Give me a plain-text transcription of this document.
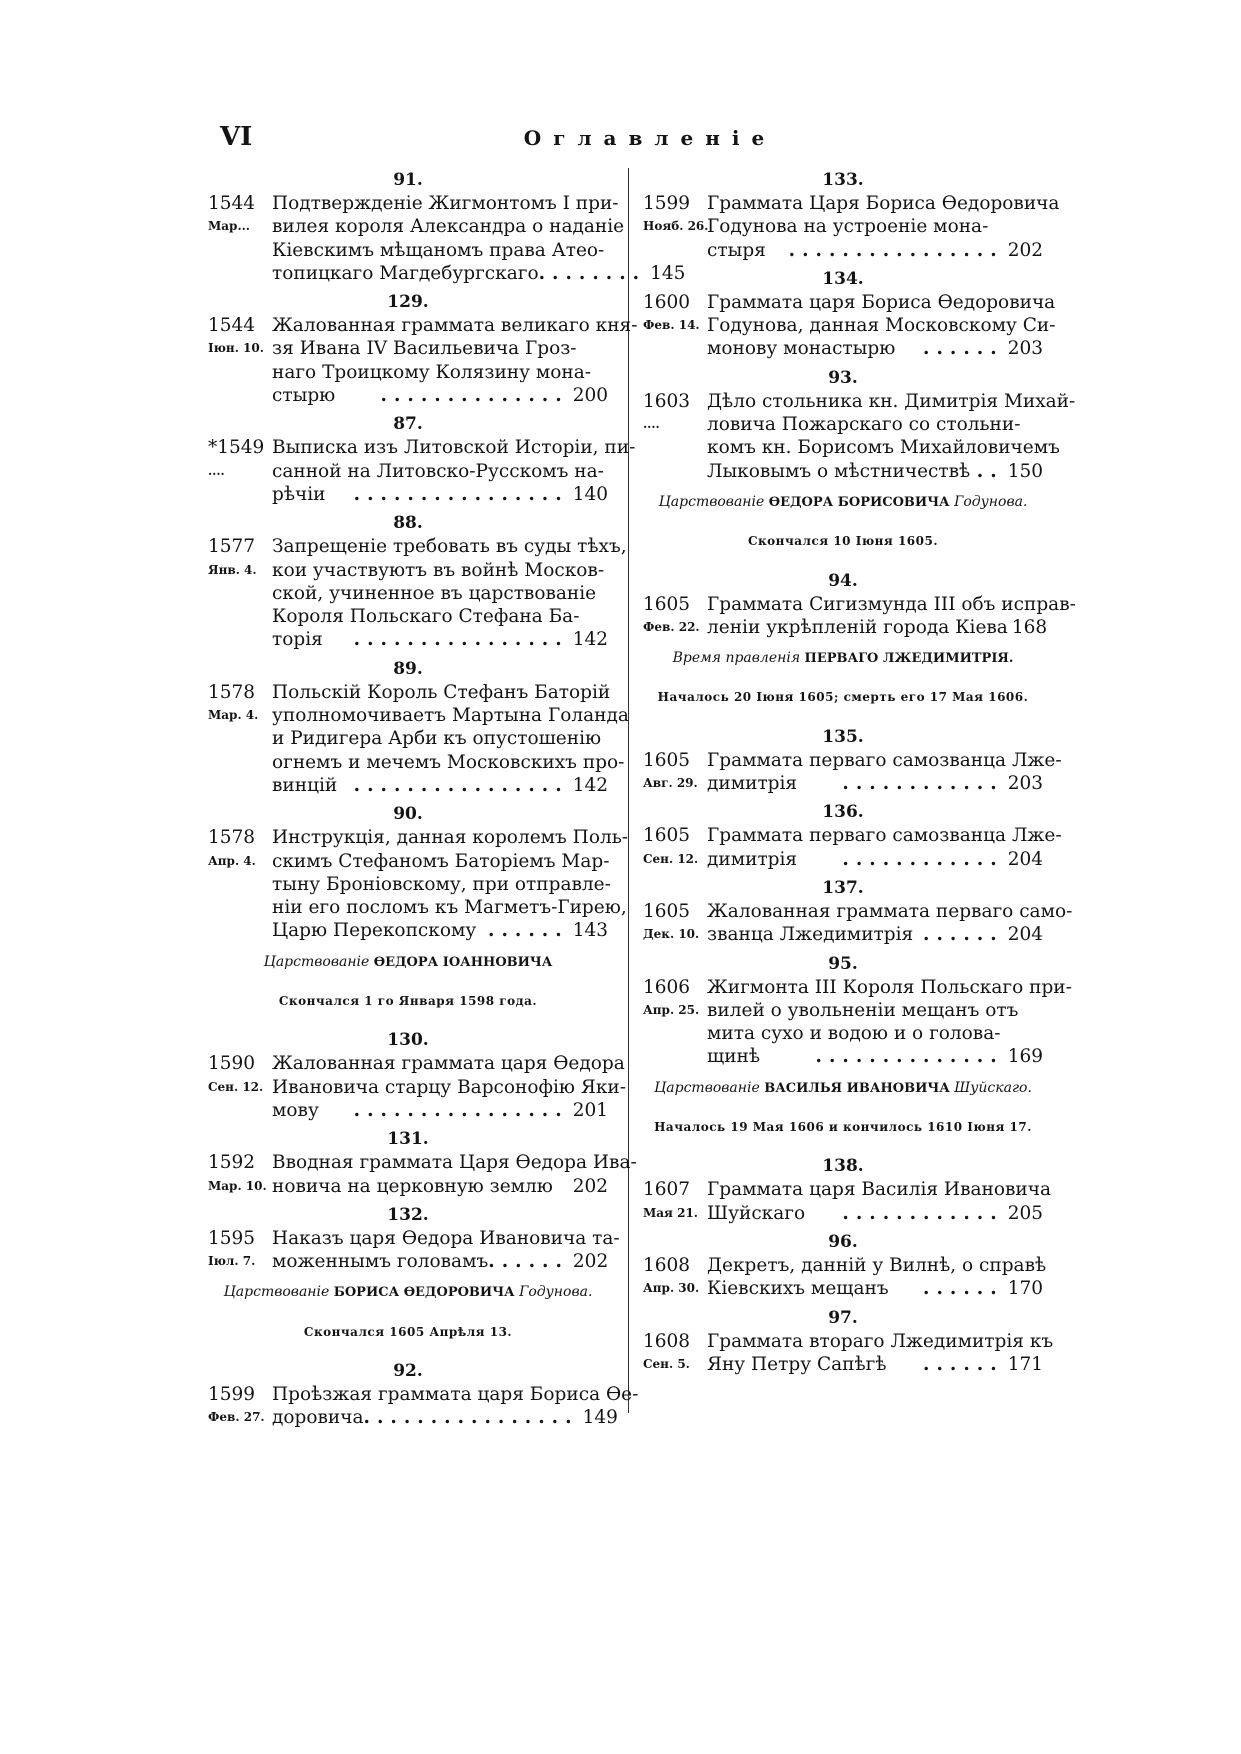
VI	Оглавленіе
91.
1544 Подтвержденіе Жигмонтомъ I при-
Мар...	вилея короля Александра о наданіе
Кіевскимъ мѣщаномъ права Атео-
топицкаго Магдебургскаго ........ 145
129.
1544 Жалованная граммата великаго кня-
Іюн. 10. зя Ивана IV Васильевича Гроз-
наго Троицкому Колязину мона-
стырю	.............. 200
87.
*1549 Выписка изъ Литовской Исторіи, пи-
....	санной на Литовско-Русскомъ на-
рѣчіи	................ 140
88.
1577 Запрещеніе требовать въ суды тѣхъ,
Янв. 4. кои участвуютъ въ войнѣ Москов-
ской, учиненное въ царствованіе
Короля Польскаго Стефана Ба-
торія	................ 142
89.
1578 Польскій Король Стефанъ Баторій
Мар. 4. уполномочиваетъ Мартына Голанда
и Ридигера Арби къ опустошенію
огнемъ и мечемъ Московскихъ про-
винцій ................ 142
90.
1578 Инструкція, данная королемъ Поль-
Апр. 4. скимъ Стефаномъ Баторіемъ Мар-
тыну Броніовскому, при отправле-
ніи его посломъ къ Магметъ-Гирею,
Царю Перекопскому ...... 143
Царствованіе ѲЕДОРА ІОАННОВИЧА
Скончался 1 го Января 1598 года.
130.
1590 Жалованная граммата царя Ѳедора
Сен. 12. Ивановича старцу Варсонофію Яки-
мову	................ 201
131.
1592 Вводная граммата Царя Ѳедора Ива-
Мар. 10. новича на церковную землю 202
132.
1595 Наказъ царя Ѳедора Ивановича та-
Іюл. 7. моженнымъ головамъ ...... 202
Царствованіе БОРИСА ѲЕДОРОВИЧА Годунова.
Скончался 1605 Апрѣля 13.
92.
1599 Проѣзжая граммата царя Бориса Ѳе-
Фев. 27. доровича ................ 149
133.
1599 Граммата Царя Бориса Ѳедоровича
Нояб. 26.
Годунова на устроеніе мона-
стыря	................ 202
134.
1600 Граммата царя Бориса Ѳедоровича
Фев. 14. Годунова, данная Московскому Си-
монову монастырю	...... 203
93.
1603 Дѣло стольника кн. Димитрія Михай-
....	ловича Пожарскаго со стольни-
комъ кн. Борисомъ Михайловичемъ
Лыковымъ о мѣстничествѣ .. 150
Царствованіе ѲЕДОРА БОРИСОВИЧА Годунова.
Скончался 10 Іюня 1605.
94.
1605 Граммата Сигизмунда III объ исправ-
Фев. 22. леніи укрѣпленій города Кіева 168
Время правленія ПЕРВАГО ЛЖЕДИМИТРІЯ.
Началось 20 Іюня 1605; смерть его 17 Мая 1606.
135.
1605 Граммата перваго самозванца Лже-
Авг. 29. димитрія	............ 203
136.
1605 Граммата перваго самозванца Лже-
Сен. 12. димитрія	............ 204
137.
1605 Жалованная граммата перваго само-
Дек. 10. званца Лжедимитрія ...... 204
95.
1606 Жигмонта III Короля Польскаго при-
Апр. 25. вилей о увольненіи мещанъ отъ
мита сухо и водою и о голова-
щинѣ	.............. 169
Царствованіе ВАСИЛЬЯ ИВАНОВИЧА Шуйскаго.
Началось 19 Мая 1606 и кончилось 1610 Іюня 17.
138.
1607 Граммата царя Василія Ивановича
Мая 21. Шуйскаго	............ 205
96.
1608 Декретъ, данній у Вилнѣ, о справѣ
Апр. 30. Кіевскихъ мещанъ	...... 170
97.
1608 Граммата втораго Лжедимитрія къ
Сен. 5. Яну Петру Сапѣгѣ	...... 171
